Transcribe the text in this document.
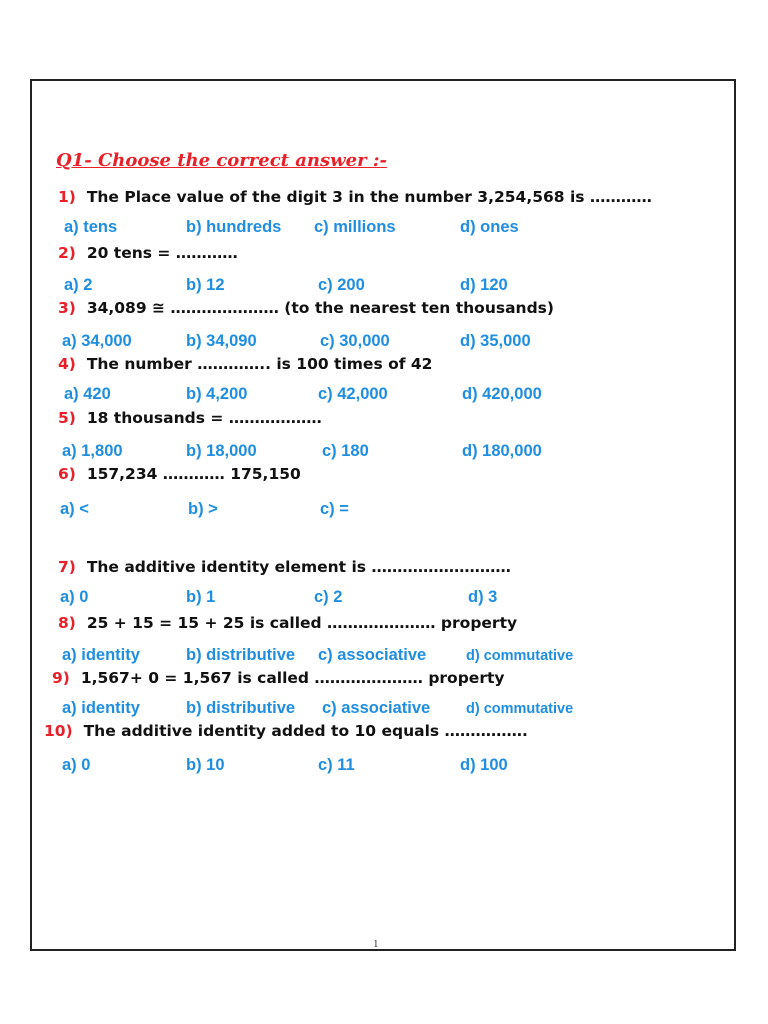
Q1- Choose the correct answer :-
1) The Place value of the digit 3 in the number 3,254,568 is …………
a) tens	b) hundreds c) millions	d) ones
2) 20 tens = …………
a) 2	b) 12	c) 200	d) 120
3) 34,089 ≅ ………………… (to the nearest ten thousands)
a) 34,000	b) 34,090	c) 30,000	d) 35,000
4) The number ………….. is 100 times of 42
a) 420	b) 4,200	c) 42,000	d) 420,000
5) 18 thousands = ………………
a) 1,800	b) 18,000	c) 180	d) 180,000
6) 157,234 ………… 175,150
a) <	b) >	c) =
7) The additive identity element is ………………………
a) 0	b) 1	c) 2	d) 3
8) 25 + 15 = 15 + 25 is called ………………… property
a) identity	b) distributive c) associative	d) commutative
9) 1,567+ 0 = 1,567 is called ………………… property
a) identity	b) distributive c) associative d) commutative
10) The additive identity added to 10 equals …………….
a) 0	b) 10	c) 11	d) 100
1
